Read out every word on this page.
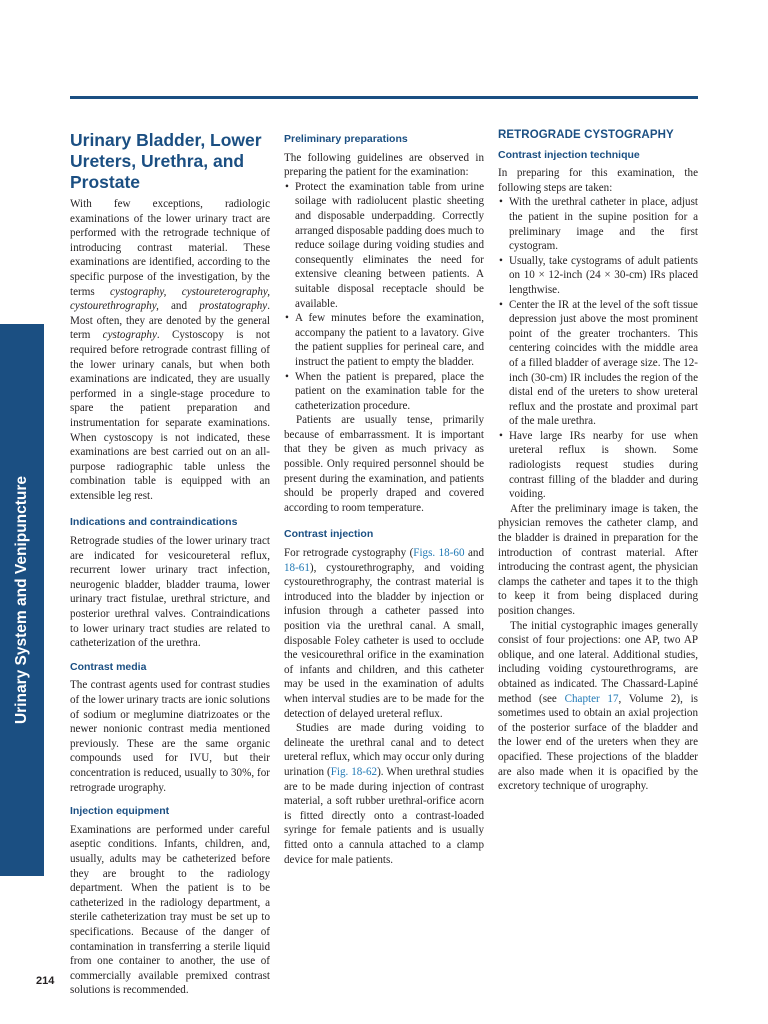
Urinary System and Venipuncture
Urinary Bladder, Lower Ureters, Urethra, and Prostate

With few exceptions, radiologic examinations of the lower urinary tract are performed with the retrograde technique of introducing contrast material. These examinations are identified, according to the specific purpose of the investigation, by the terms cystography, cystoureterography, cystourethrography, and prostatography. Most often, they are denoted by the general term cystography. Cystoscopy is not required before retrograde contrast filling of the lower urinary canals, but when both examinations are indicated, they are usually performed in a single-stage procedure to spare the patient preparation and instrumentation for separate examinations. When cystoscopy is not indicated, these examinations are best carried out on an all-purpose radiographic table unless the combination table is equipped with an extensible leg rest.

Indications and contraindications

Retrograde studies of the lower urinary tract are indicated for vesicoureteral reflux, recurrent lower urinary tract infection, neurogenic bladder, bladder trauma, lower urinary tract fistulae, urethral stricture, and posterior urethral valves. Contraindications to lower urinary tract studies are related to catheterization of the urethra.

Contrast media

The contrast agents used for contrast studies of the lower urinary tracts are ionic solutions of sodium or meglumine diatrizoates or the newer nonionic contrast media mentioned previously. These are the same organic compounds used for IVU, but their concentration is reduced, usually to 30%, for retrograde urography.

Injection equipment

Examinations are performed under careful aseptic conditions. Infants, children, and, usually, adults may be catheterized before they are brought to the radiology department. When the patient is to be catheterized in the radiology department, a sterile catheterization tray must be set up to specifications. Because of the danger of contamination in transferring a sterile liquid from one container to another, the use of commercially available premixed contrast solutions is recommended.

Preliminary preparations

The following guidelines are observed in preparing the patient for the examination:

• Protect the examination table from urine soilage with radiolucent plastic sheeting and disposable underpadding. Correctly arranged disposable padding does much to reduce soilage during voiding studies and consequently eliminates the need for extensive cleaning between patients. A suitable disposal receptacle should be available.
• A few minutes before the examination, accompany the patient to a lavatory. Give the patient supplies for perineal care, and instruct the patient to empty the bladder.
• When the patient is prepared, place the patient on the examination table for the catheterization procedure.

Patients are usually tense, primarily because of embarrassment. It is important that they be given as much privacy as possible. Only required personnel should be present during the examination, and patients should be properly draped and covered according to room temperature.

Contrast injection

For retrograde cystography (Figs. 18-60 and 18-61), cystourethrography, and voiding cystourethrography, the contrast material is introduced into the bladder by injection or infusion through a catheter passed into position via the urethral canal. A small, disposable Foley catheter is used to occlude the vesicourethral orifice in the examination of infants and children, and this catheter may be used in the examination of adults when interval studies are to be made for the detection of delayed ureteral reflux.

Studies are made during voiding to delineate the urethral canal and to detect ureteral reflux, which may occur only during urination (Fig. 18-62). When urethral studies are to be made during injection of contrast material, a soft rubber urethral-orifice acorn is fitted directly onto a contrast-loaded syringe for female patients and is usually fitted onto a cannula attached to a clamp device for male patients.

RETROGRADE CYSTOGRAPHY
Contrast injection technique

In preparing for this examination, the following steps are taken:

• With the urethral catheter in place, adjust the patient in the supine position for a preliminary image and the first cystogram.
• Usually, take cystograms of adult patients on 10 × 12-inch (24 × 30-cm) IRs placed lengthwise.
• Center the IR at the level of the soft tissue depression just above the most prominent point of the greater trochanters. This centering coincides with the middle area of a filled bladder of average size. The 12-inch (30-cm) IR includes the region of the distal end of the ureters to show ureteral reflux and the prostate and proximal part of the male urethra.
• Have large IRs nearby for use when ureteral reflux is shown. Some radiologists request studies during contrast filling of the bladder and during voiding.

After the preliminary image is taken, the physician removes the catheter clamp, and the bladder is drained in preparation for the introduction of contrast material. After introducing the contrast agent, the physician clamps the catheter and tapes it to the thigh to keep it from being displaced during position changes.

The initial cystographic images generally consist of four projections: one AP, two AP oblique, and one lateral. Additional studies, including voiding cystourethrograms, are obtained as indicated. The Chassard-Lapiné method (see Chapter 17, Volume 2), is sometimes used to obtain an axial projection of the posterior surface of the bladder and the lower end of the ureters when they are opacified. These projections of the bladder are also made when it is opacified by the excretory technique of urography.

214
